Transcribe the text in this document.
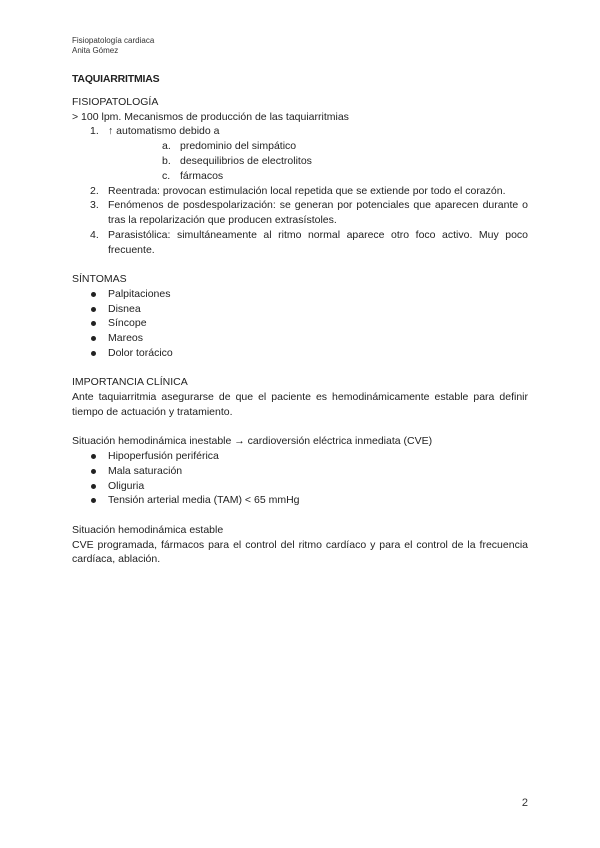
Fisiopatología cardiaca
Anita Gómez
TAQUIARRITMIAS
FISIOPATOLOGÍA
> 100 lpm. Mecanismos de producción de las taquiarritmias
1. ↑ automatismo debido a
a. predominio del simpático
b. desequilibrios de electrolitos
c. fármacos
2. Reentrada: provocan estimulación local repetida que se extiende por todo el corazón.
3. Fenómenos de posdespolarización: se generan por potenciales que aparecen durante o tras la repolarización que producen extrasístoles.
4. Parasistólica: simultáneamente al ritmo normal aparece otro foco activo. Muy poco frecuente.
SÍNTOMAS
Palpitaciones
Disnea
Síncope
Mareos
Dolor torácico
IMPORTANCIA CLÍNICA
Ante taquiarritmia asegurarse de que el paciente es hemodinámicamente estable para definir tiempo de actuación y tratamiento.
Situación hemodinámica inestable → cardioversión eléctrica inmediata (CVE)
Hipoperfusión periférica
Mala saturación
Oliguria
Tensión arterial media (TAM) < 65 mmHg
Situación hemodinámica estable
CVE programada, fármacos para el control del ritmo cardíaco y para el control de la frecuencia cardíaca, ablación.
2
